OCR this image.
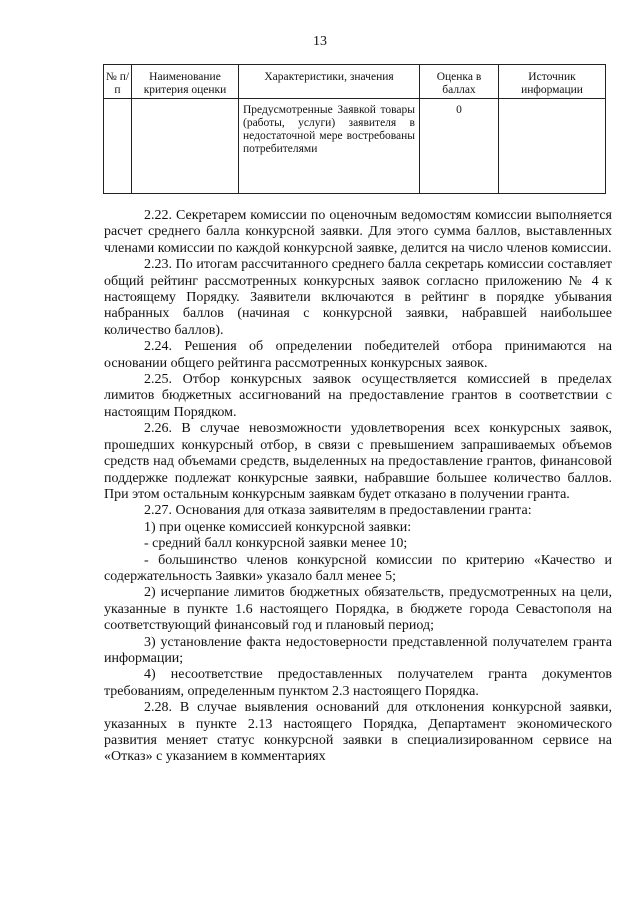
13
№ п/п	Наименование критерия оценки	Характеристики, значения	Оценка в баллах	Источник информации
		Предусмотренные Заявкой товары (работы, услуги) заявителя в недостаточной мере востребованы потребителями	0	

2.22. Секретарем комиссии по оценочным ведомостям комиссии выполняется расчет среднего балла конкурсной заявки. Для этого сумма баллов, выставленных членами комиссии по каждой конкурсной заявке, делится на число членов комиссии.

2.23. По итогам рассчитанного среднего балла секретарь комиссии составляет общий рейтинг рассмотренных конкурсных заявок согласно приложению № 4 к настоящему Порядку. Заявители включаются в рейтинг в порядке убывания набранных баллов (начиная с конкурсной заявки, набравшей наибольшее количество баллов).

2.24. Решения об определении победителей отбора принимаются на основании общего рейтинга рассмотренных конкурсных заявок.

2.25. Отбор конкурсных заявок осуществляется комиссией в пределах лимитов бюджетных ассигнований на предоставление грантов в соответствии с настоящим Порядком.

2.26. В случае невозможности удовлетворения всех конкурсных заявок, прошедших конкурсный отбор, в связи с превышением запрашиваемых объемов средств над объемами средств, выделенных на предоставление грантов, финансовой поддержке подлежат конкурсные заявки, набравшие большее количество баллов. При этом остальным конкурсным заявкам будет отказано в получении гранта.

2.27. Основания для отказа заявителям в предоставлении гранта:

1) при оценке комиссией конкурсной заявки:

- средний балл конкурсной заявки менее 10;

- большинство членов конкурсной комиссии по критерию «Качество и содержательность Заявки» указало балл менее 5;

2) исчерпание лимитов бюджетных обязательств, предусмотренных на цели, указанные в пункте 1.6 настоящего Порядка, в бюджете города Севастополя на соответствующий финансовый год и плановый период;

3) установление факта недостоверности представленной получателем гранта информации;

4) несоответствие предоставленных получателем гранта документов требованиям, определенным пунктом 2.3 настоящего Порядка.

2.28. В случае выявления оснований для отклонения конкурсной заявки, указанных в пункте 2.13 настоящего Порядка, Департамент экономического развития меняет статус конкурсной заявки в специализированном сервисе на «Отказ» с указанием в комментариях
